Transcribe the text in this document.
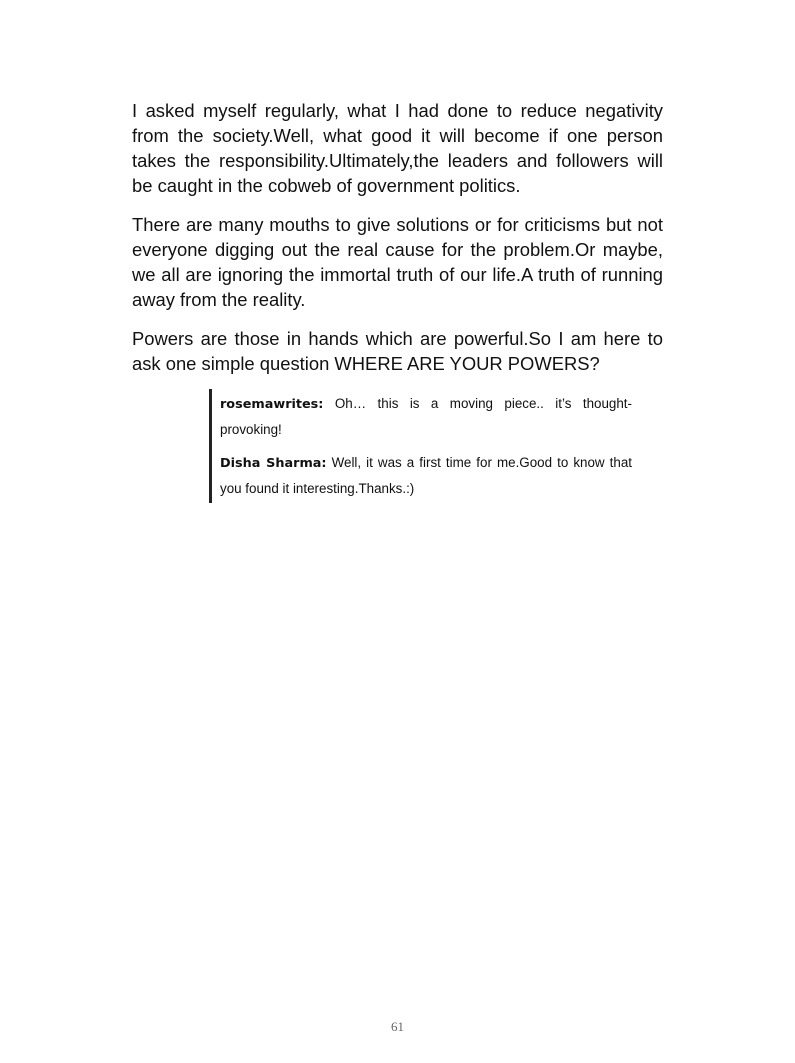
I asked myself regularly, what I had done to reduce negativity from the society.Well, what good it will become if one person takes the responsibility.Ultimately,the leaders and followers will be caught in the cobweb of government politics.

There are many mouths to give solutions or for criticisms but not everyone digging out the real cause for the problem.Or maybe, we all are ignoring the immortal truth of our life.A truth of running away from the reality.

Powers are those in hands which are powerful.So I am here to ask one simple question WHERE ARE YOUR POWERS?

rosemawrites: Oh… this is a moving piece.. it’s thought-provoking!

Disha Sharma: Well, it was a first time for me.Good to know that you found it interesting.Thanks.:)

61
